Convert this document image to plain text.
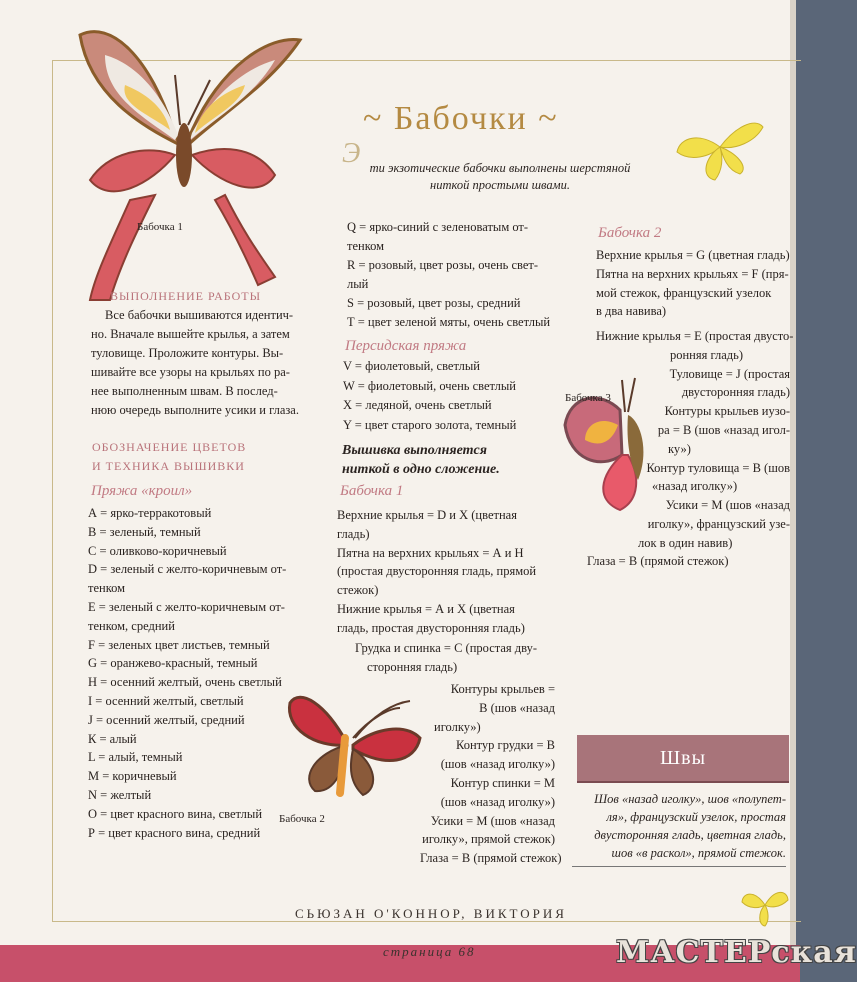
Бабочка 1
~ Бабочки ~
Э ти экзотические бабочки выполнены шерстяной
ниткой простыми швами.
ВЫПОЛНЕНИЕ РАБОТЫ
Все бабочки вышиваются идентич-
но. Вначале вышейте крылья, а затем
туловище. Проложите контуры. Вы-
шивайте все узоры на крыльях по ра-
нее выполненным швам. В послед-
нюю очередь выполните усики и глаза.
ОБОЗНАЧЕНИЕ ЦВЕТОВ
И ТЕХНИКА ВЫШИВКИ
Пряжа «кроил»
А = ярко-терракотовый
В = зеленый, темный
С = оливково-коричневый
D = зеленый с желто-коричневым от-
тенком
Е = зеленый с желто-коричневым от-
тенком, средний
F = зеленых цвет листьев, темный
G = оранжево-красный, темный
Н = осенний желтый, очень светлый
I = осенний желтый, светлый
J = осенний желтый, средний
К = алый
L = алый, темный
М = коричневый
N = желтый
О = цвет красного вина, светлый
Р = цвет красного вина, средний
Бабочка 2
Q = ярко-синий с зеленоватым от-
тенком
R = розовый, цвет розы, очень свет-
лый
S = розовый, цвет розы, средний
Т = цвет зеленой мяты, очень светлый
Персидская пряжа
V = фиолетовый, светлый
W = фиолетовый, очень светлый
Х = ледяной, очень светлый
Y = цвет старого золота, темный
Вышивка выполняется
ниткой в одно сложение.
Бабочка 1
Верхние крылья = D и Х (цветная
гладь)
Пятна на верхних крыльях = А и Н
(простая двусторонняя гладь, прямой
стежок)
Нижние крылья = А и Х (цветная
гладь, простая двусторонняя гладь)
Грудка и спинка = С (простая дву-
сторонняя гладь)
Контуры крыльев =
В (шов «назад
иголку»)
Контур грудки = В
(шов «назад иголку»)
Контур спинки = М
(шов «назад иголку»)
Усики = М (шов «назад
иголку», прямой стежок)
Глаза = В (прямой стежок)
Бабочка 2
Верхние крылья = G (цветная гладь)
Пятна на верхних крыльях = F (пря-
мой стежок, французский узелок
в два навива)
Нижние крылья = Е (простая двусто-
ронняя гладь)
Туловище = J (простая
двусторонняя гладь)
Контуры крыльев иузо-
ра = В (шов «назад игол-
ку»)
Контур туловища = В (шов
«назад иголку»)
Усики = М (шов «назад
иголку», французский узе-
лок в один навив)
Глаза = В (прямой стежок)
Бабочка 3
Швы
Шов «назад иголку», шов «полупет-
ля», французский узелок, простая
двусторонняя гладь, цветная гладь,
шов «в раскол», прямой стежок.
СЬЮЗАН О'КОННОР, ВИКТОРИЯ
страница 68	МАСТЕРская
